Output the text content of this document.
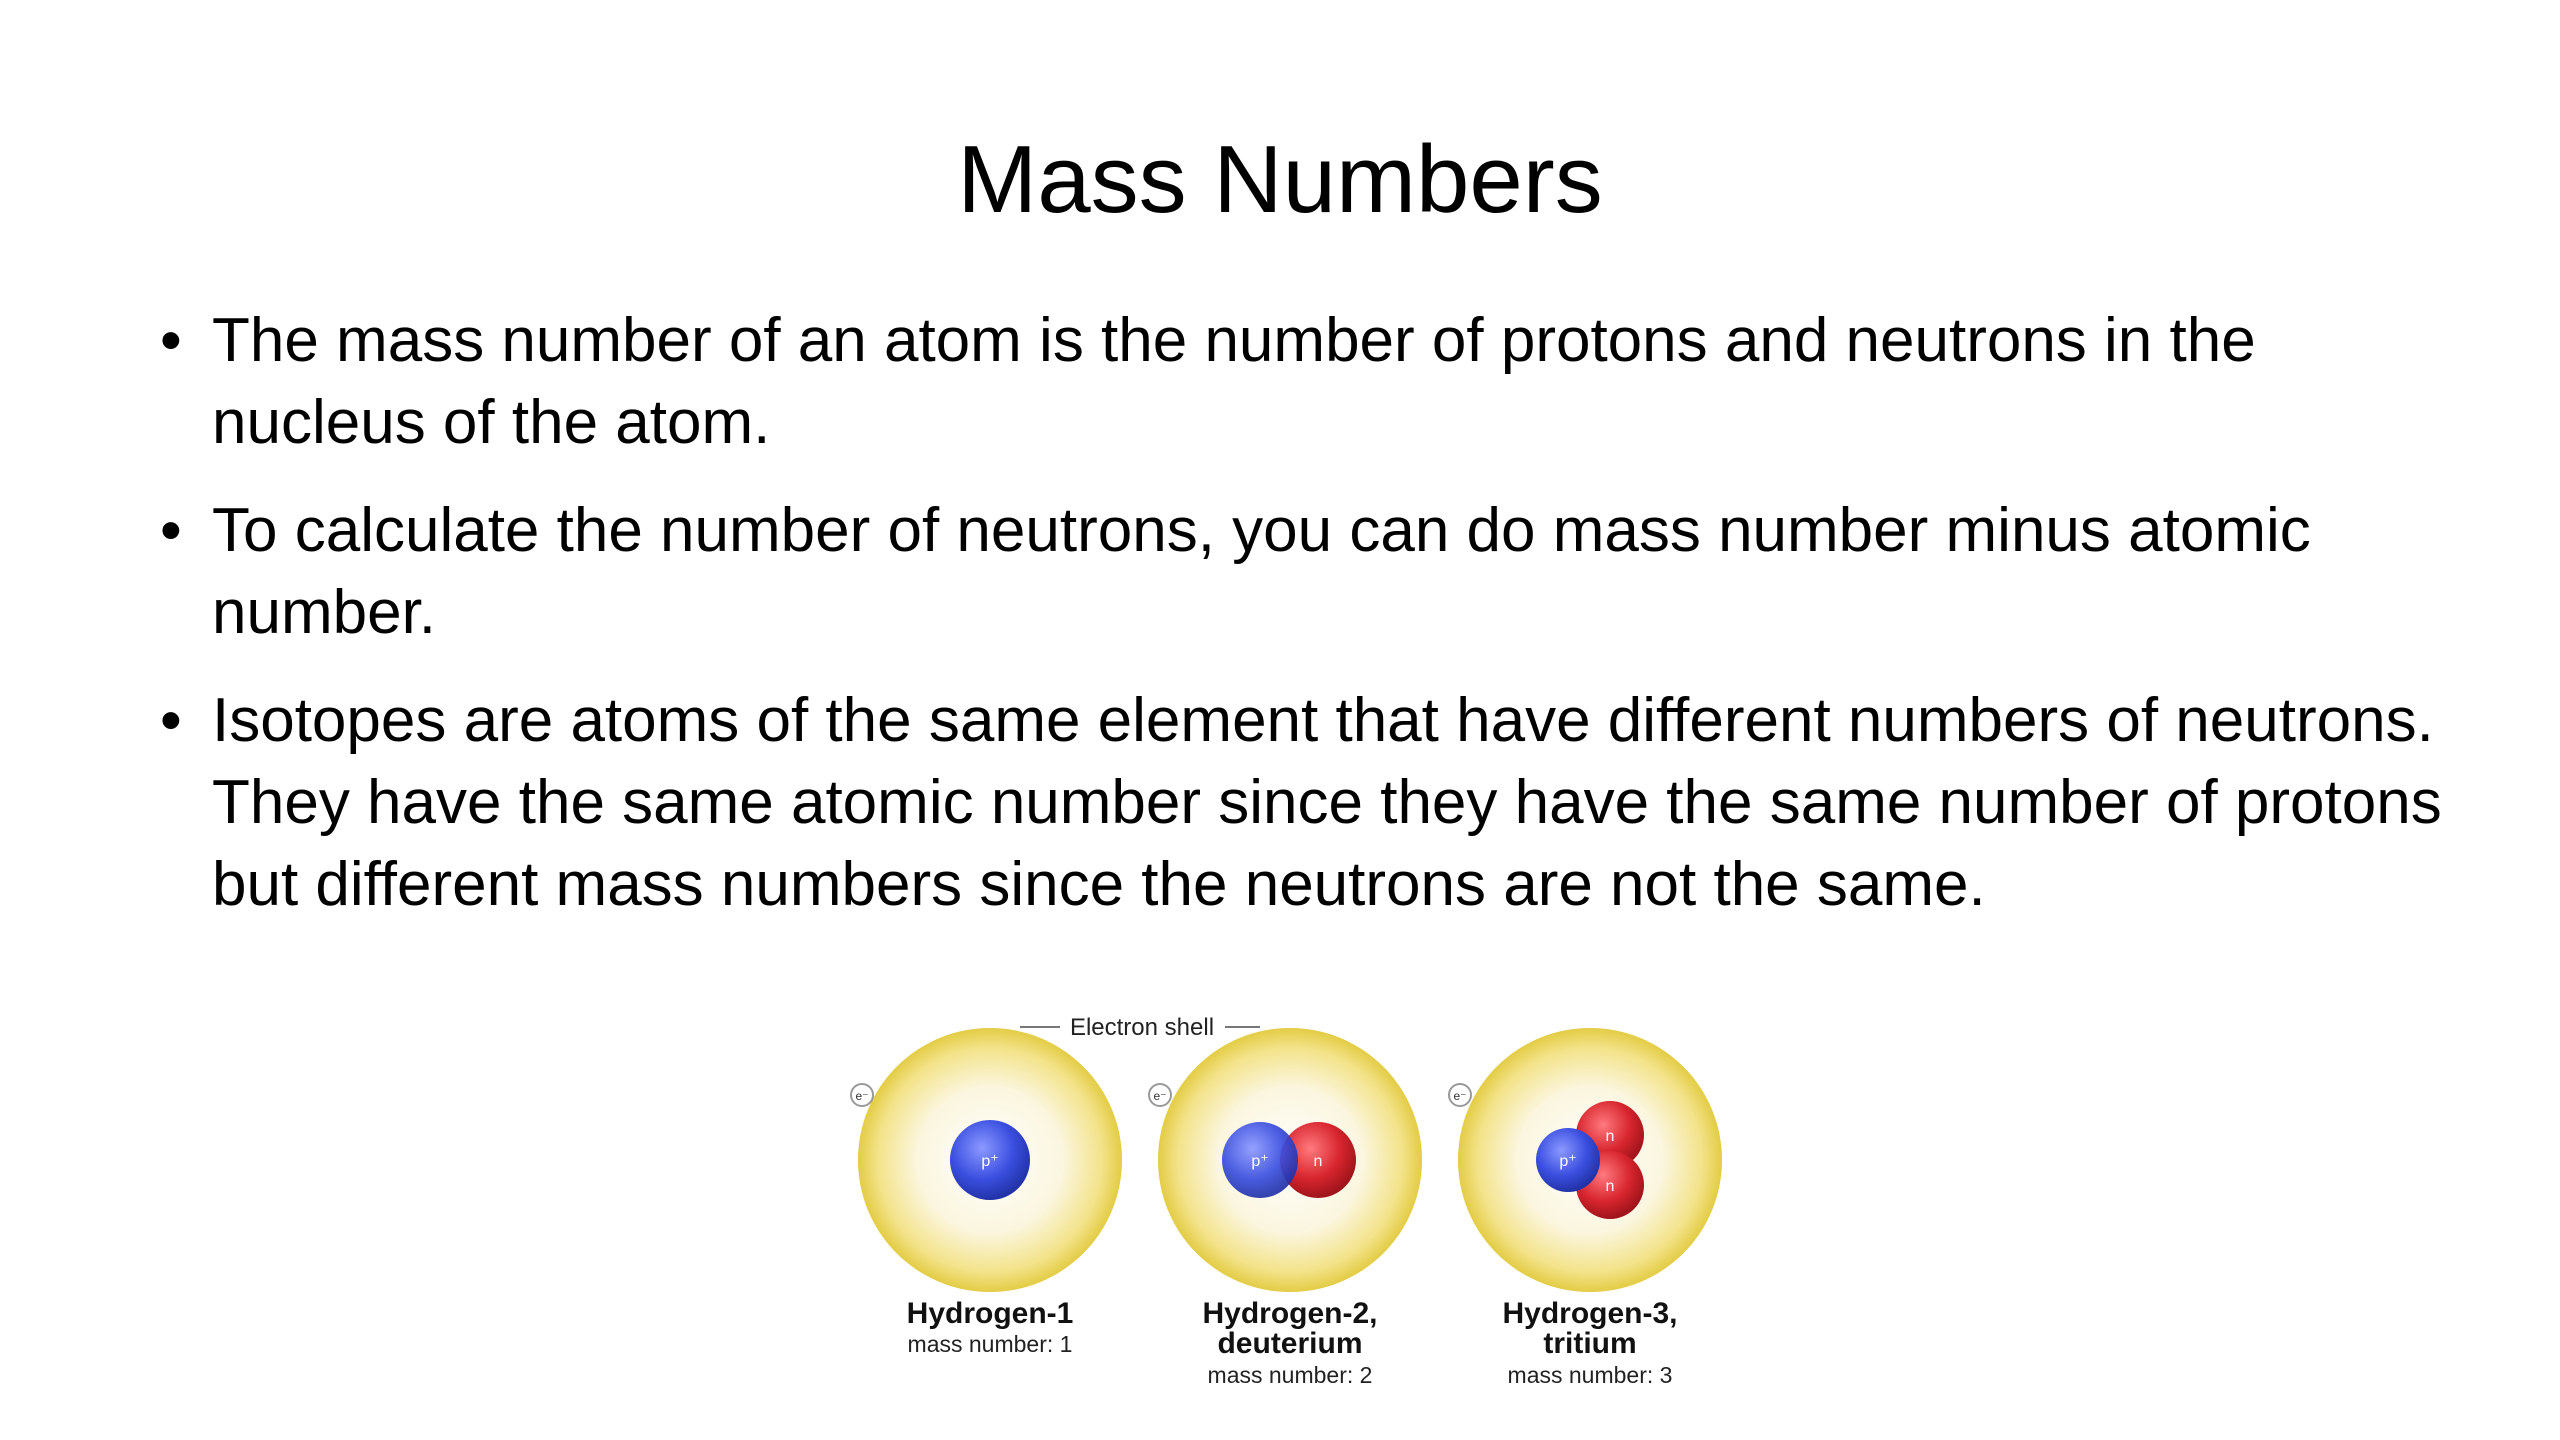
Mass Numbers
• The mass number of an atom is the number of protons and neutrons in the nucleus of the atom.
• To calculate the number of neutrons, you can do mass number minus atomic number.
• Isotopes are atoms of the same element that have different numbers of neutrons. They have the same atomic number since they have the same number of protons but different mass numbers since the neutrons are not the same.
Electron shell
e⁻
p⁺
Hydrogen-1
mass number: 1
e⁻
n
p⁺
Hydrogen-2,
deuterium
mass number: 2
e⁻
n
n
p⁺
Hydrogen-3,
tritium
mass number: 3
